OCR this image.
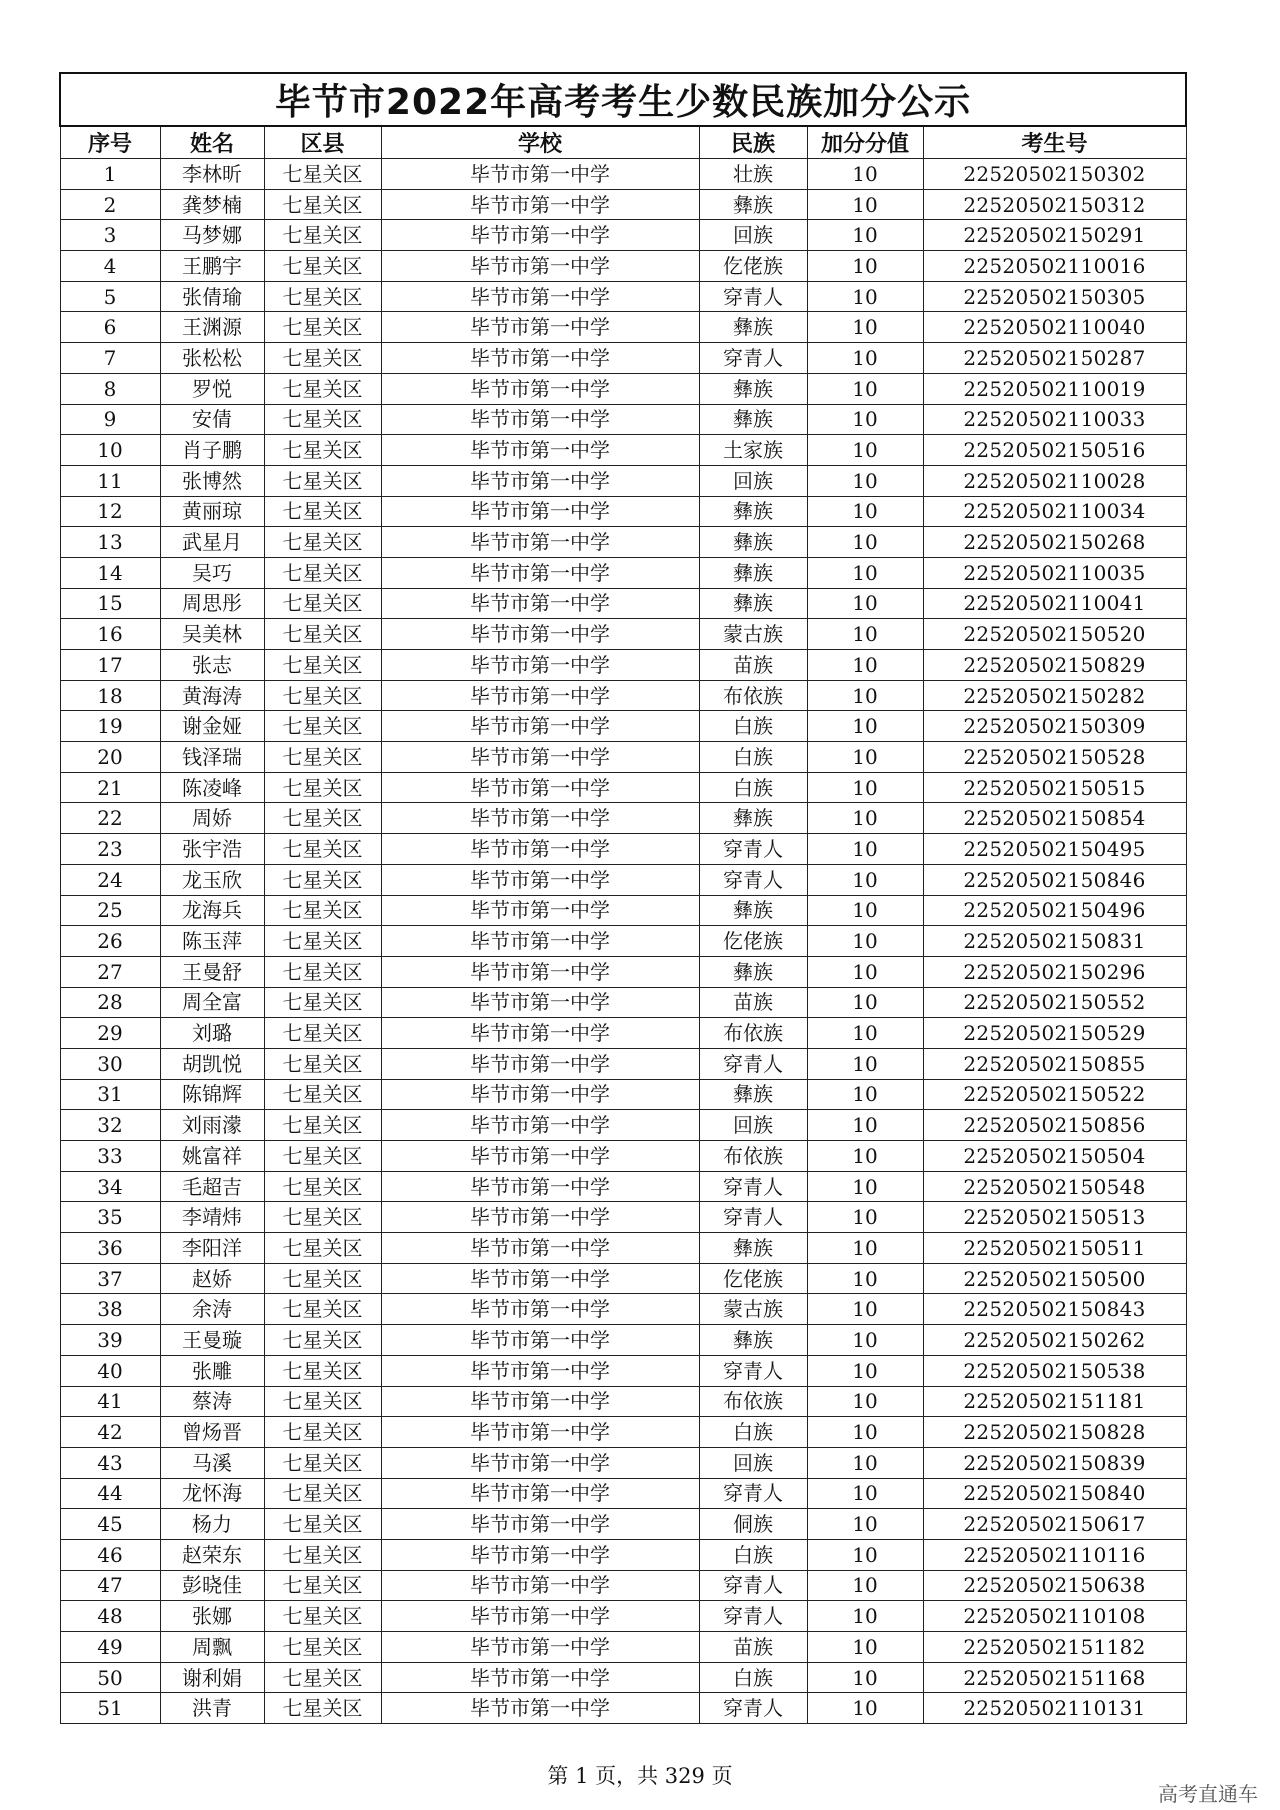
毕节市2022年高考考生少数民族加分公示						
序号	姓名	区县	学校	民族	加分分值	考生号
1	李林昕	七星关区	毕节市第一中学	壮族	10	22520502150302
2	龚梦楠	七星关区	毕节市第一中学	彝族	10	22520502150312
3	马梦娜	七星关区	毕节市第一中学	回族	10	22520502150291
4	王鹏宇	七星关区	毕节市第一中学	仡佬族	10	22520502110016
5	张倩瑜	七星关区	毕节市第一中学	穿青人	10	22520502150305
6	王渊源	七星关区	毕节市第一中学	彝族	10	22520502110040
7	张松松	七星关区	毕节市第一中学	穿青人	10	22520502150287
8	罗悦	七星关区	毕节市第一中学	彝族	10	22520502110019
9	安倩	七星关区	毕节市第一中学	彝族	10	22520502110033
10	肖子鹏	七星关区	毕节市第一中学	土家族	10	22520502150516
11	张博然	七星关区	毕节市第一中学	回族	10	22520502110028
12	黄丽琼	七星关区	毕节市第一中学	彝族	10	22520502110034
13	武星月	七星关区	毕节市第一中学	彝族	10	22520502150268
14	吴巧	七星关区	毕节市第一中学	彝族	10	22520502110035
15	周思彤	七星关区	毕节市第一中学	彝族	10	22520502110041
16	吴美林	七星关区	毕节市第一中学	蒙古族	10	22520502150520
17	张志	七星关区	毕节市第一中学	苗族	10	22520502150829
18	黄海涛	七星关区	毕节市第一中学	布依族	10	22520502150282
19	谢金娅	七星关区	毕节市第一中学	白族	10	22520502150309
20	钱泽瑞	七星关区	毕节市第一中学	白族	10	22520502150528
21	陈凌峰	七星关区	毕节市第一中学	白族	10	22520502150515
22	周娇	七星关区	毕节市第一中学	彝族	10	22520502150854
23	张宇浩	七星关区	毕节市第一中学	穿青人	10	22520502150495
24	龙玉欣	七星关区	毕节市第一中学	穿青人	10	22520502150846
25	龙海兵	七星关区	毕节市第一中学	彝族	10	22520502150496
26	陈玉萍	七星关区	毕节市第一中学	仡佬族	10	22520502150831
27	王曼舒	七星关区	毕节市第一中学	彝族	10	22520502150296
28	周全富	七星关区	毕节市第一中学	苗族	10	22520502150552
29	刘璐	七星关区	毕节市第一中学	布依族	10	22520502150529
30	胡凯悦	七星关区	毕节市第一中学	穿青人	10	22520502150855
31	陈锦辉	七星关区	毕节市第一中学	彝族	10	22520502150522
32	刘雨濛	七星关区	毕节市第一中学	回族	10	22520502150856
33	姚富祥	七星关区	毕节市第一中学	布依族	10	22520502150504
34	毛超吉	七星关区	毕节市第一中学	穿青人	10	22520502150548
35	李靖炜	七星关区	毕节市第一中学	穿青人	10	22520502150513
36	李阳洋	七星关区	毕节市第一中学	彝族	10	22520502150511
37	赵娇	七星关区	毕节市第一中学	仡佬族	10	22520502150500
38	余涛	七星关区	毕节市第一中学	蒙古族	10	22520502150843
39	王曼璇	七星关区	毕节市第一中学	彝族	10	22520502150262
40	张雕	七星关区	毕节市第一中学	穿青人	10	22520502150538
41	蔡涛	七星关区	毕节市第一中学	布依族	10	22520502151181
42	曾炀晋	七星关区	毕节市第一中学	白族	10	22520502150828
43	马溪	七星关区	毕节市第一中学	回族	10	22520502150839
44	龙怀海	七星关区	毕节市第一中学	穿青人	10	22520502150840
45	杨力	七星关区	毕节市第一中学	侗族	10	22520502150617
46	赵荣东	七星关区	毕节市第一中学	白族	10	22520502110116
47	彭晓佳	七星关区	毕节市第一中学	穿青人	10	22520502150638
48	张娜	七星关区	毕节市第一中学	穿青人	10	22520502110108
49	周飘	七星关区	毕节市第一中学	苗族	10	22520502151182
50	谢利娟	七星关区	毕节市第一中学	白族	10	22520502151168
51	洪青	七星关区	毕节市第一中学	穿青人	10	22520502110131
第 1 页，共 329 页
高考直通车
